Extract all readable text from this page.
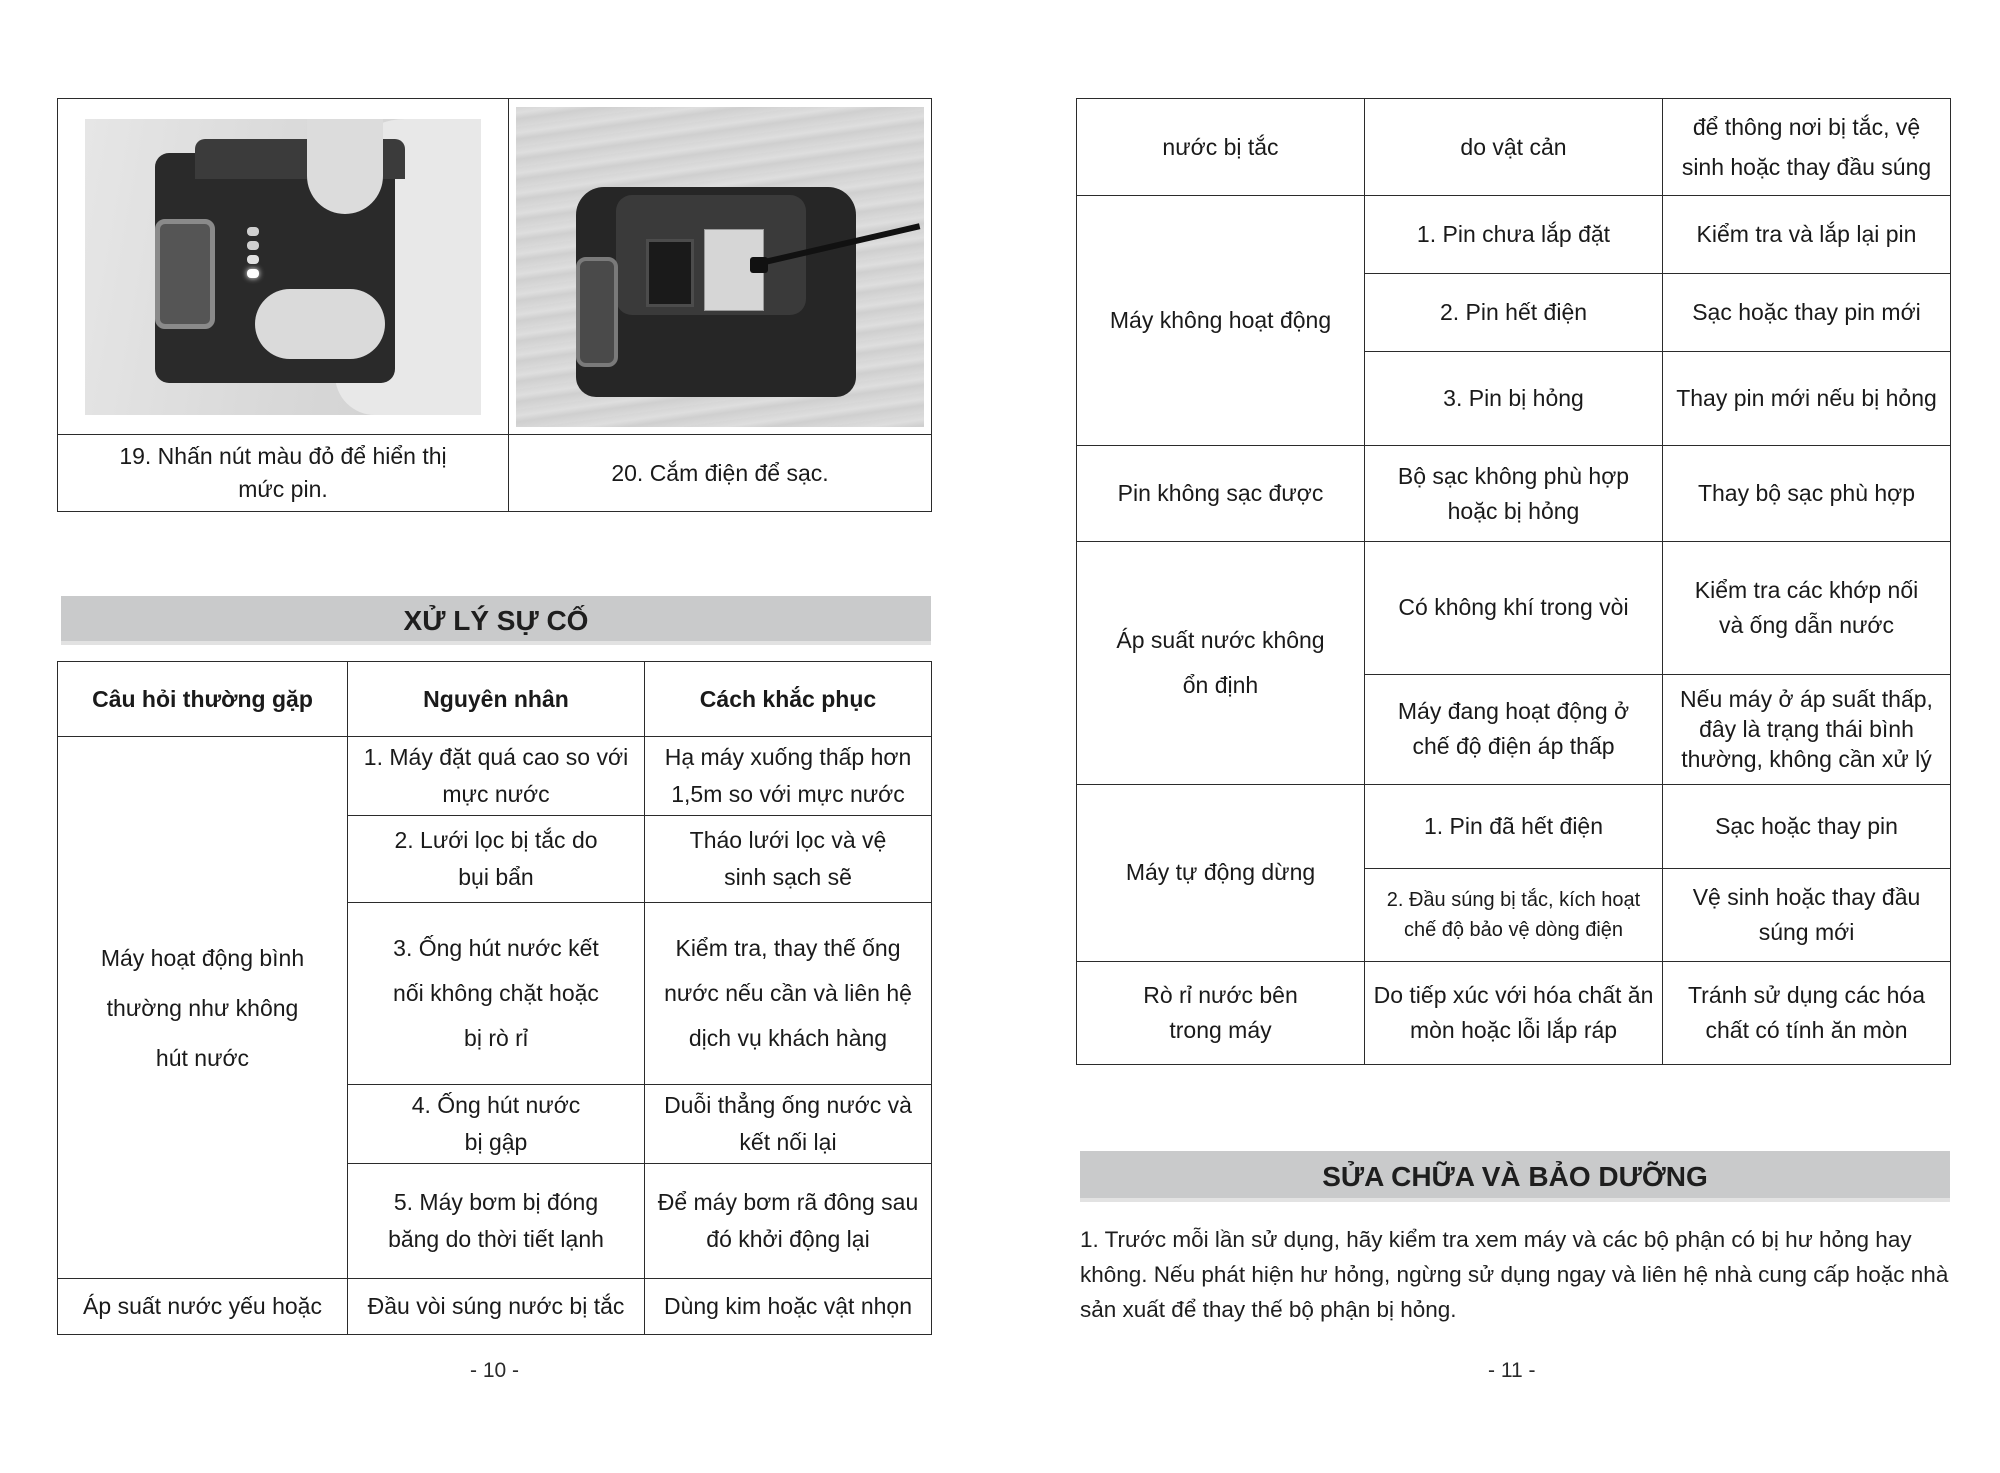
19. Nhấn nút màu đỏ để hiển thị mức pin.	20. Cắm điện để sạc.
XỬ LÝ SỰ CỐ
Câu hỏi thường gặp	Nguyên nhân	Cách khắc phục
Máy hoạt động bình thường như không hút nước	1. Máy đặt quá cao so với mực nước	Hạ máy xuống thấp hơn 1,5m so với mực nước
	2. Lưới lọc bị tắc do bụi bẩn	Tháo lưới lọc và vệ sinh sạch sẽ
	3. Ống hút nước kết nối không chặt hoặc bị rò rỉ	Kiểm tra, thay thế ống nước nếu cần và liên hệ dịch vụ khách hàng
	4. Ống hút nước bị gập	Duỗi thẳng ống nước và kết nối lại
	5. Máy bơm bị đóng băng do thời tiết lạnh	Để máy bơm rã đông sau đó khởi động lại
Áp suất nước yếu hoặc	Đầu vòi súng nước bị tắc	Dùng kim hoặc vật nhọn
- 10 -
nước bị tắc	do vật cản	để thông nơi bị tắc, vệ sinh hoặc thay đầu súng
Máy không hoạt động	1. Pin chưa lắp đặt	Kiểm tra và lắp lại pin
	2. Pin hết điện	Sạc hoặc thay pin mới
	3. Pin bị hỏng	Thay pin mới nếu bị hỏng
Pin không sạc được	Bộ sạc không phù hợp hoặc bị hỏng	Thay bộ sạc phù hợp
Áp suất nước không ổn định	Có không khí trong vòi	Kiểm tra các khớp nối và ống dẫn nước
	Máy đang hoạt động ở chế độ điện áp thấp	Nếu máy ở áp suất thấp, đây là trạng thái bình thường, không cần xử lý
Máy tự động dừng	1. Pin đã hết điện	Sạc hoặc thay pin
	2. Đầu súng bị tắc, kích hoạt chế độ bảo vệ dòng điện	Vệ sinh hoặc thay đầu súng mới
Rò rỉ nước bên trong máy	Do tiếp xúc với hóa chất ăn mòn hoặc lỗi lắp ráp	Tránh sử dụng các hóa chất có tính ăn mòn
SỬA CHỮA VÀ BẢO DƯỠNG

1. Trước mỗi lần sử dụng, hãy kiểm tra xem máy và các bộ phận có bị hư hỏng hay không. Nếu phát hiện hư hỏng, ngừng sử dụng ngay và liên hệ nhà cung cấp hoặc nhà sản xuất để thay thế bộ phận bị hỏng.

- 11 -
